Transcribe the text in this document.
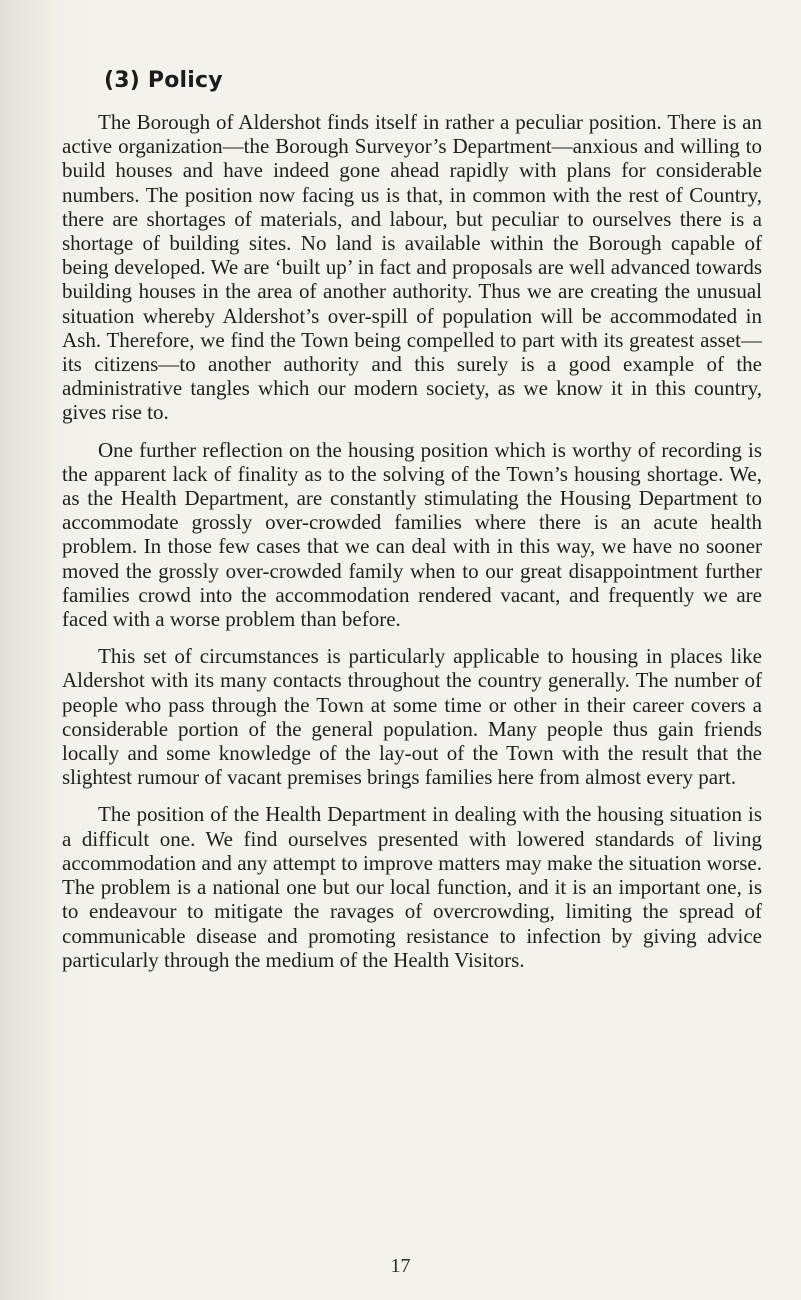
(3) Policy

The Borough of Aldershot finds itself in rather a peculiar position. There is an active organization—the Borough Surveyor’s Department—anxious and willing to build houses and have indeed gone ahead rapidly with plans for considerable numbers. The position now facing us is that, in common with the rest of Country, there are shortages of materials, and labour, but peculiar to ourselves there is a shortage of building sites. No land is available within the Borough capable of being developed. We are ‘built up’ in fact and proposals are well advanced towards building houses in the area of another authority. Thus we are creating the unusual situation whereby Aldershot’s over-spill of population will be accommodated in Ash. Therefore, we find the Town being compelled to part with its greatest asset—its citizens—to another authority and this surely is a good example of the administrative tangles which our modern society, as we know it in this country, gives rise to.

One further reflection on the housing position which is worthy of recording is the apparent lack of finality as to the solving of the Town’s housing shortage. We, as the Health Department, are constantly stimulating the Housing Department to accommodate grossly over-crowded families where there is an acute health problem. In those few cases that we can deal with in this way, we have no sooner moved the grossly over-crowded family when to our great disappointment further families crowd into the accommodation rendered vacant, and frequently we are faced with a worse problem than before.

This set of circumstances is particularly applicable to housing in places like Aldershot with its many contacts throughout the country generally. The number of people who pass through the Town at some time or other in their career covers a considerable portion of the general population. Many people thus gain friends locally and some knowledge of the lay-out of the Town with the result that the slightest rumour of vacant premises brings families here from almost every part.

The position of the Health Department in dealing with the housing situation is a difficult one. We find ourselves presented with lowered standards of living accommodation and any attempt to improve matters may make the situation worse. The problem is a national one but our local function, and it is an important one, is to endeavour to mitigate the ravages of overcrowding, limiting the spread of communicable disease and promoting resistance to infection by giving advice particularly through the medium of the Health Visitors.

17
